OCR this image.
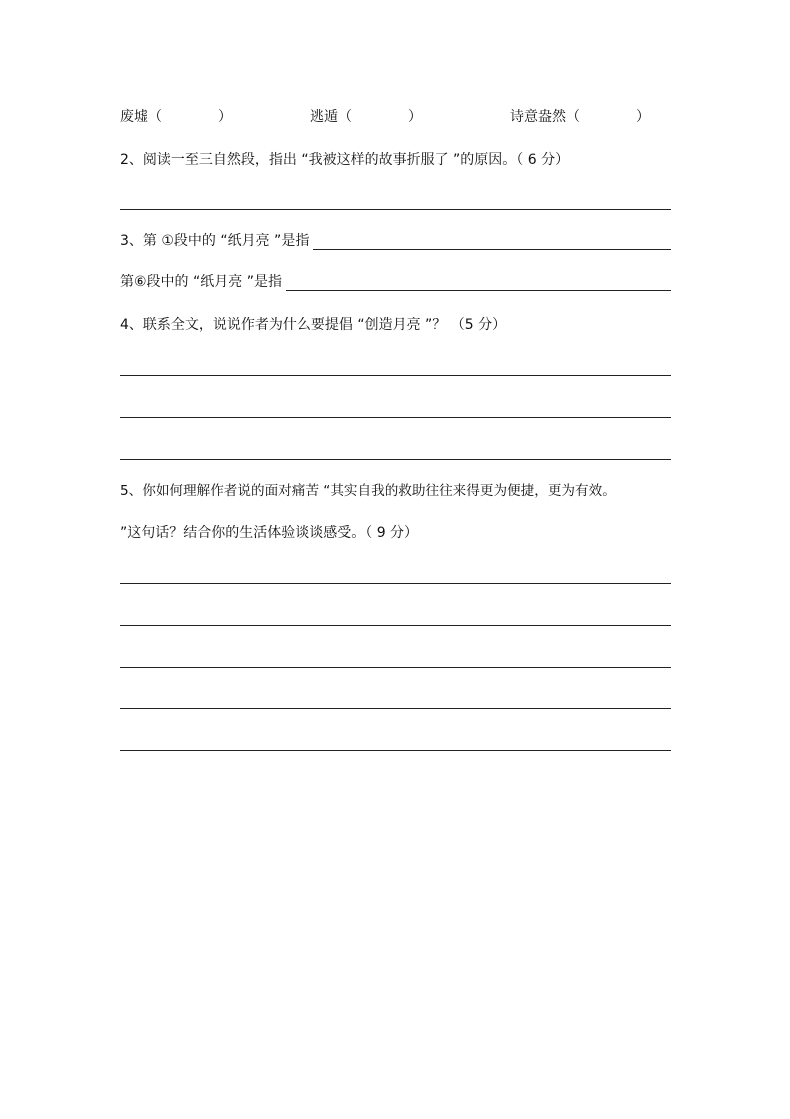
废墟（　　　　）	逃遁（　　　　）	诗意盎然（　　　　）
2、阅读一至三自然段，指出 “我被这样的故事折服了 ”的原因。（ 6 分）
3、第 ①段中的 “纸月亮 ”是指
第⑥段中的 “纸月亮 ”是指
4、联系全文，说说作者为什么要提倡 “创造月亮 ”？ （5 分）
5、你如何理解作者说的面对痛苦 “其实自我的救助往往来得更为便捷，更为有效。
”这句话？结合你的生活体验谈谈感受。（ 9 分）
